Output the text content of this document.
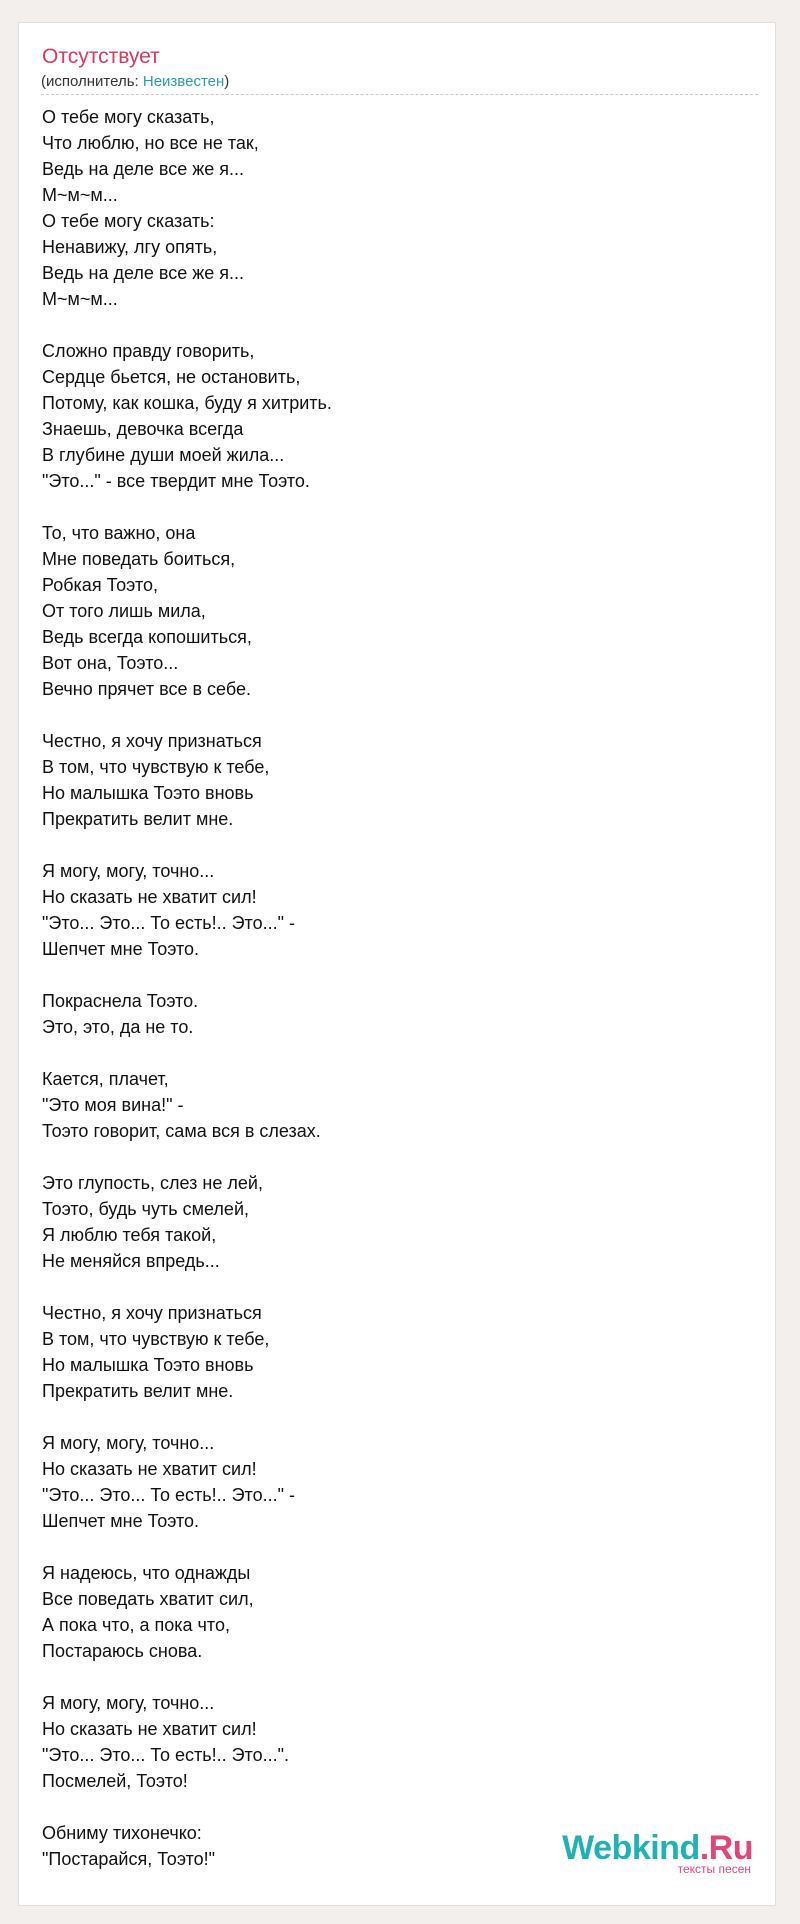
Отсутствует
(исполнитель: Неизвестен)
О тебе могу сказать,
Что люблю, но все не так,
Ведь на деле все же я...
М~м~м...
О тебе могу сказать:
Ненавижу, лгу опять,
Ведь на деле все же я...
М~м~м...
Сложно правду говорить,
Сердце бьется, не остановить,
Потому, как кошка, буду я хитрить.
Знаешь, девочка всегда
В глубине души моей жила...
"Это..." - все твердит мне Тоэто.
То, что важно, она
Мне поведать боиться,
Робкая Тоэто,
От того лишь мила,
Ведь всегда копошиться,
Вот она, Тоэто...
Вечно прячет все в себе.
Честно, я хочу признаться
В том, что чувствую к тебе,
Но малышка Тоэто вновь
Прекратить велит мне.
Я могу, могу, точно...
Но сказать не хватит сил!
"Это... Это... То есть!.. Это..." -
Шепчет мне Тоэто.
Покраснела Тоэто.
Это, это, да не то.
Кается, плачет,
"Это моя вина!" -
Тоэто говорит, сама вся в слезах.
Это глупость, слез не лей,
Тоэто, будь чуть смелей,
Я люблю тебя такой,
Не меняйся впредь...
Честно, я хочу признаться
В том, что чувствую к тебе,
Но малышка Тоэто вновь
Прекратить велит мне.
Я могу, могу, точно...
Но сказать не хватит сил!
"Это... Это... То есть!.. Это..." -
Шепчет мне Тоэто.
Я надеюсь, что однажды
Все поведать хватит сил,
А пока что, а пока что,
Постараюсь снова.
Я могу, могу, точно...
Но сказать не хватит сил!
"Это... Это... То есть!.. Это...".
Посмелей, Тоэто!
Обниму тихонечко:
"Постарайся, Тоэто!"	Webkind.Ru
тексты песен
